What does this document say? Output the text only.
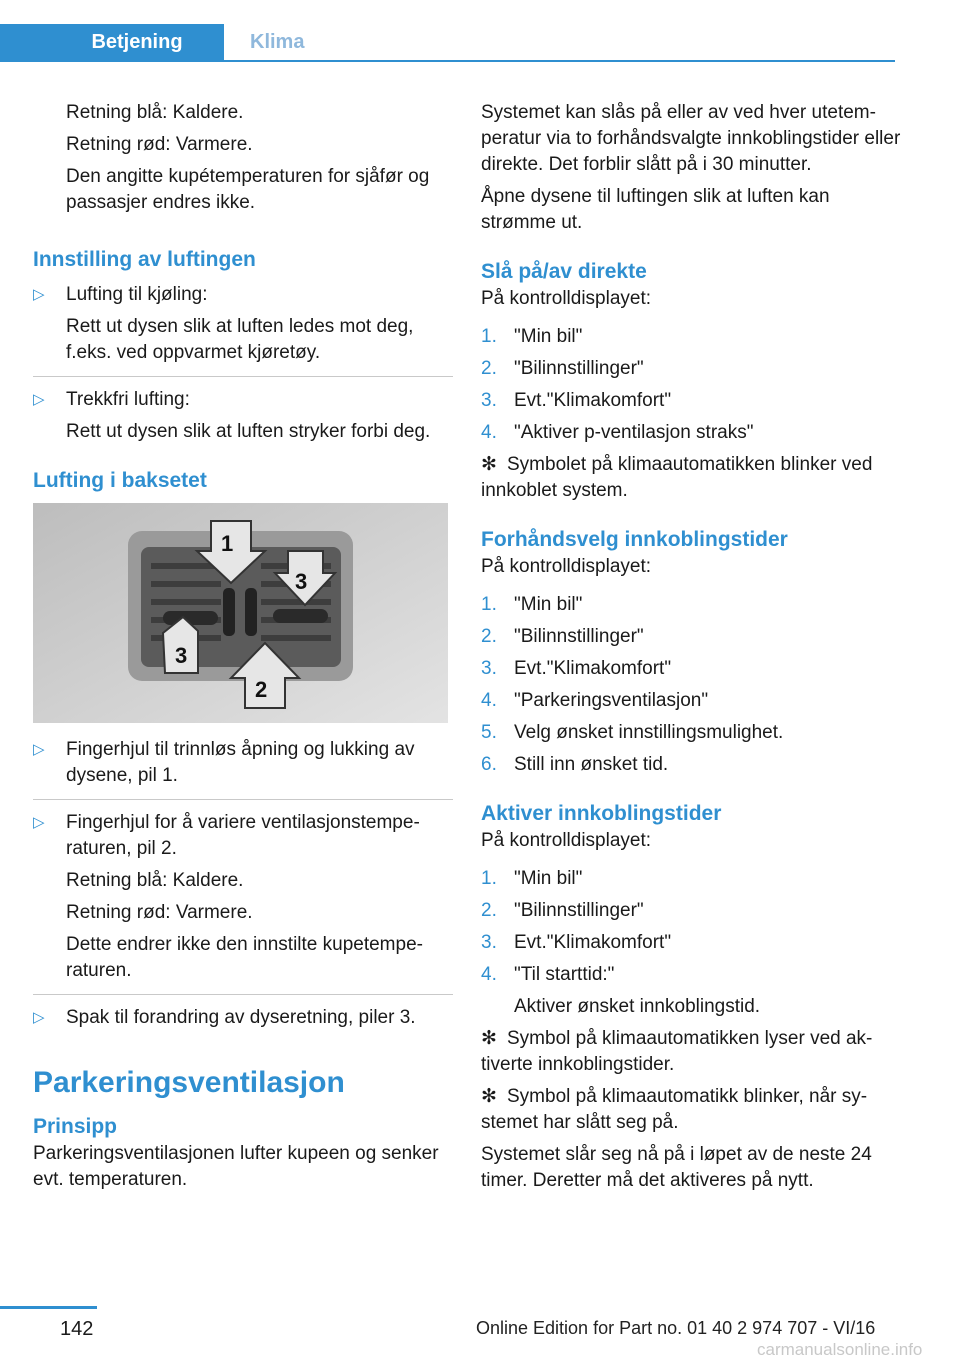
Betjening	Klima
Retning blå: Kaldere.
Retning rød: Varmere.
Den angitte kupétemperaturen for sjåfør og passasjer endres ikke.
Innstilling av luftingen
▷	Lufting til kjøling:
Rett ut dysen slik at luften ledes mot deg, f.eks. ved oppvarmet kjøretøy.
▷	Trekkfri lufting:
Rett ut dysen slik at luften stryker forbi deg.
Lufting i baksetet
1
2
3
3
▷	Fingerhjul til trinnløs åpning og lukking av dysene, pil 1.
▷	Fingerhjul for å variere ventilasjonstemperaturen, pil 2.
Retning blå: Kaldere.
Retning rød: Varmere.
Dette endrer ikke den innstilte kupetemperaturen.
▷	Spak til forandring av dyseretning, piler 3.
Parkeringsventilasjon
Prinsipp
Parkeringsventilasjonen lufter kupeen og senker evt. temperaturen.
Systemet kan slås på eller av ved hver utetemperatur via to forhåndsvalgte innkoblingstider eller direkte. Det forblir slått på i 30 minutter.
Åpne dysene til luftingen slik at luften kan strømme ut.
Slå på/av direkte
På kontrolldisplayet:
1. "Min bil"
2. "Bilinnstillinger"
3. Evt."Klimakomfort"
4. "Aktiver p-ventilasjon straks"
✻ Symbolet på klimaautomatikken blinker ved innkoblet system.
Forhåndsvelg innkoblingstider
På kontrolldisplayet:
1. "Min bil"
2. "Bilinnstillinger"
3. Evt."Klimakomfort"
4. "Parkeringsventilasjon"
5. Velg ønsket innstillingsmulighet.
6. Still inn ønsket tid.
Aktiver innkoblingstider
På kontrolldisplayet:
1. "Min bil"
2. "Bilinnstillinger"
3. Evt."Klimakomfort"
4. "Til starttid:"
Aktiver ønsket innkoblingstid.
✻ Symbol på klimaautomatikken lyser ved aktiverte innkoblingstider.
✻ Symbol på klimaautomatikk blinker, når systemet har slått seg på.
Systemet slår seg nå på i løpet av de neste 24 timer. Deretter må det aktiveres på nytt.
142	Online Edition for Part no. 01 40 2 974 707 - VI/16
carmanualsonline.info
